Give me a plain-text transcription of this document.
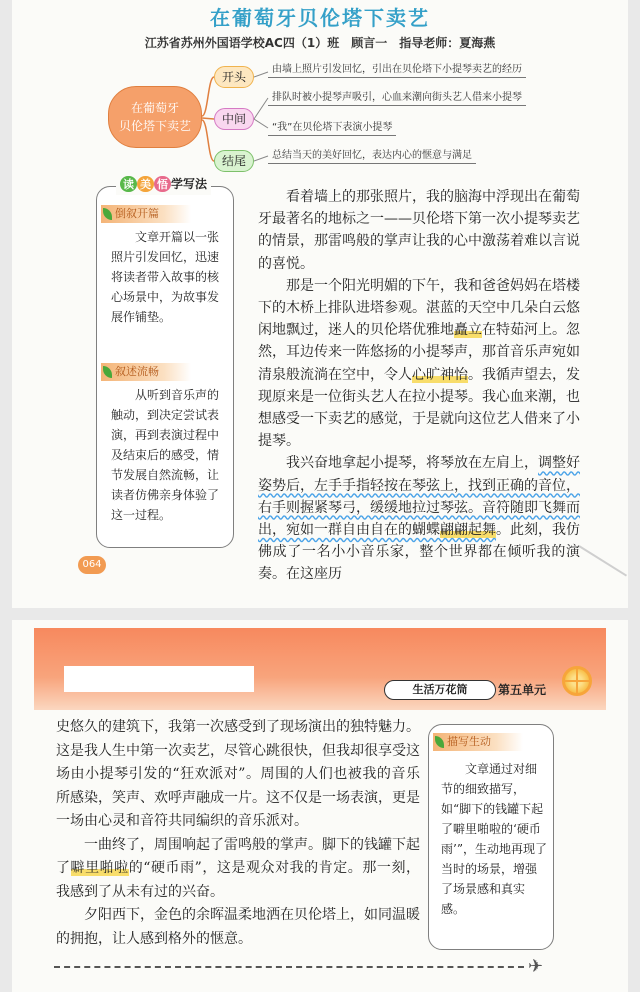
在葡萄牙贝伦塔下卖艺
江苏省苏州外国语学校AC四（1）班　顾言一　指导老师：夏海燕
在葡萄牙
贝伦塔下卖艺
开头
中间
结尾
由墙上照片引发回忆，引出在贝伦塔下小提琴卖艺的经历
排队时被小提琴声吸引，心血来潮向街头艺人借来小提琴
“我”在贝伦塔下表演小提琴
总结当天的美好回忆，表达内心的惬意与满足
倒叙开篇
文章开篇以一张照片引发回忆，迅速将读者带入故事的核心场景中，为故事发展作铺垫。
叙述流畅
从听到音乐声的触动，到决定尝试表演，再到表演过程中及结束后的感受，情节发展自然流畅，让读者仿佛亲身体验了这一过程。
读 美 悟 学写法
064

看着墙上的那张照片，我的脑海中浮现出在葡萄牙最著名的地标之一——贝伦塔下第一次小提琴卖艺的情景，那雷鸣般的掌声让我的心中激荡着难以言说的喜悦。

那是一个阳光明媚的下午，我和爸爸妈妈在塔楼下的木桥上排队进塔参观。湛蓝的天空中几朵白云悠闲地飘过，迷人的贝伦塔优雅地矗立在特茹河上。忽然，耳边传来一阵悠扬的小提琴声，那首音乐声宛如清泉般流淌在空中，令人心旷神怡。我循声望去，发现原来是一位街头艺人在拉小提琴。我心血来潮，也想感受一下卖艺的感觉，于是就向这位艺人借来了小提琴。

我兴奋地拿起小提琴，将琴放在左肩上，调整好姿势后，左手手指轻按在琴弦上，找到正确的音位，右手则握紧琴弓，缓缓地拉过琴弦。音符随即飞舞而出，宛如一群自由自在的蝴蝶翩翩起舞。此刻，我仿佛成了一名小小音乐家，整个世界都在倾听我的演奏。在这座历

生活万花筒	第五单元

史悠久的建筑下，我第一次感受到了现场演出的独特魅力。这是我人生中第一次卖艺，尽管心跳很快，但我却很享受这场由小提琴引发的“狂欢派对”。周围的人们也被我的音乐所感染，笑声、欢呼声融成一片。这不仅是一场表演，更是一场由心灵和音符共同编织的音乐派对。

一曲终了，周围响起了雷鸣般的掌声。脚下的钱罐下起了噼里啪啦的“硬币雨”，这是观众对我的肯定。那一刻，我感到了从未有过的兴奋。

夕阳西下，金色的余晖温柔地洒在贝伦塔上，如同温暖的拥抱，让人感到格外的惬意。

描写生动
文章通过对细节的细致描写，如“脚下的钱罐下起了噼里啪啦的‘硬币雨’”，生动地再现了当时的场景，增强了场景感和真实感。
✈
